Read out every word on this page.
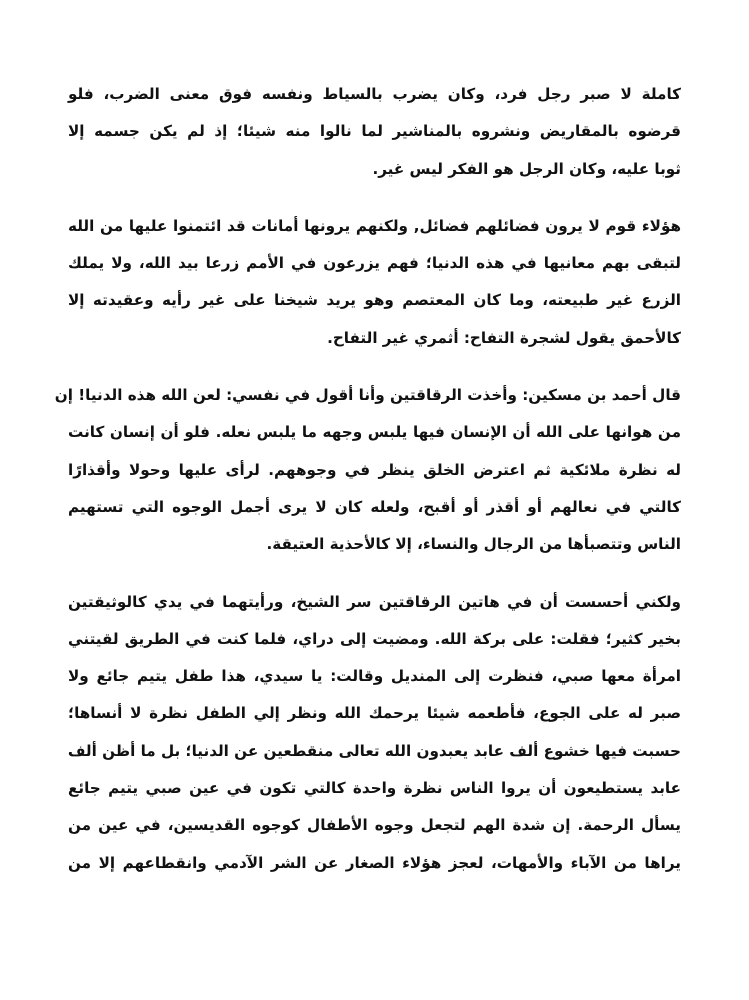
كاملة لا صبر رجل فرد، وكان يضرب بالسياط ونفسه فوق معنى الضرب، فلو
قرضوه بالمقاريض ونشروه بالمناشير لما نالوا منه شيئا؛ إذ لم يكن جسمه إلا
ثوبا عليه، وكان الرجل هو الفكر ليس غير.
هؤلاء قوم لا يرون فضائلهم فضائل, ولكنهم يرونها أمانات قد ائتمنوا عليها من الله
لتبقى بهم معانيها في هذه الدنيا؛ فهم يزرعون في الأمم زرعا بيد الله، ولا يملك
الزرع غير طبيعته، وما كان المعتصم وهو يريد شيخنا على غير رأيه وعقيدته إلا
كالأحمق يقول لشجرة التفاح: أثمري غير التفاح.
قال أحمد بن مسكين: وأخذت الرقاقتين وأنا أقول في نفسي: لعن الله هذه الدنيا! إن
من هوانها على الله أن الإنسان فيها يلبس وجهه ما يلبس نعله. فلو أن إنسان كانت
له نظرة ملائكية ثم اعترض الخلق ينظر في وجوههم. لرأى عليها وحولا وأقذارًا
كالتي في نعالهم أو أقذر أو أقبح، ولعله كان لا يرى أجمل الوجوه التي تستهيم
الناس وتتصبأها من الرجال والنساء، إلا كالأحذية العتيقة.
ولكني أحسست أن في هاتين الرقاقتين سر الشيخ، ورأيتهما في يدي كالوثيقتين
بخير كثير؛ فقلت: على بركة الله. ومضيت إلى دراي، فلما كنت في الطريق لقيتني
امرأة معها صبي، فنظرت إلى المنديل وقالت: يا سيدي، هذا طفل يتيم جائع ولا
صبر له على الجوع، فأطعمه شيئا يرحمك الله ونظر إلي الطفل نظرة لا أنساها؛
حسبت فيها خشوع ألف عابد يعبدون الله تعالى منقطعين عن الدنيا؛ بل ما أظن ألف
عابد يستطيعون أن يروا الناس نظرة واحدة كالتي تكون في عين صبي يتيم جائع
يسأل الرحمة. إن شدة الهم لتجعل وجوه الأطفال كوجوه القديسين، في عين من
يراها من الآباء والأمهات، لعجز هؤلاء الصغار عن الشر الآدمي وانقطاعهم إلا من
